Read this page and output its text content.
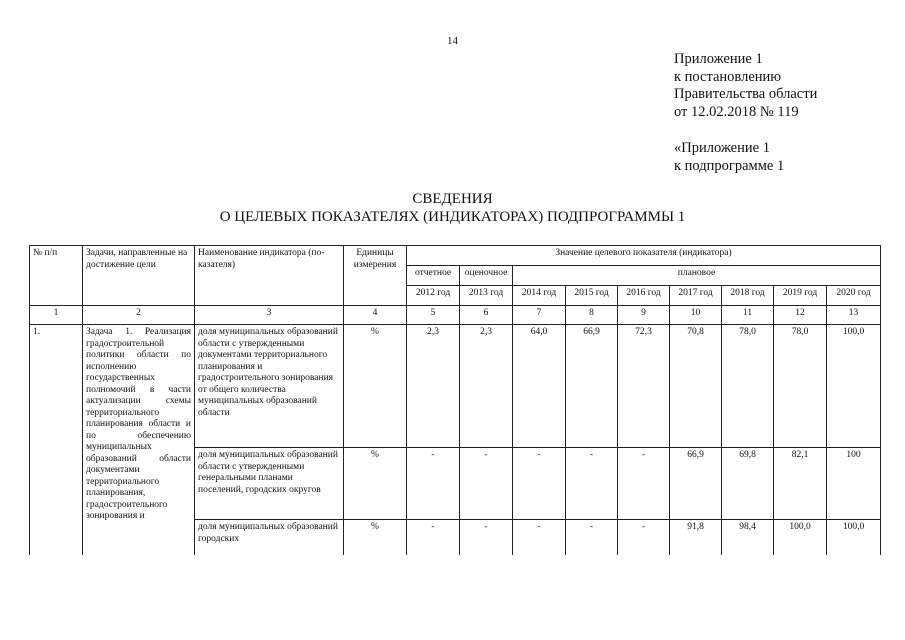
14
Приложение 1
к постановлению
Правительства области
от 12.02.2018 № 119
«Приложение 1
к подпрограмме 1
СВЕДЕНИЯ
О ЦЕЛЕВЫХ ПОКАЗАТЕЛЯХ (ИНДИКАТОРАХ) ПОДПРОГРАММЫ 1
№ п/п	Задачи, направленные на достижение цели	Наименование индикатора (по-казателя)	Единицы измерения	Значение целевого показателя (индикатора)								
				отчетное	оценочное	плановое						
				2012 год	2013 год	2014 год	2015 год	2016 год	2017 год	2018 год	2019 год	2020 год
1	2	3	4	5	6	7	8	9	10	11	12	13
1.	Задача 1. Реализация градостроительной политики области по исполнению государственных полномочий в части актуализации схемы территориального планирования области и по обеспечению муниципальных образований области документами территориального планирования, градостроительного зонирования и	доля муниципальных образований области с утвержденными документами территориального планирования и градостроительного зонирования от общего количества муниципальных образований области	%	2,3	2,3	64,0	66,9	72,3	70,8	78,0	78,0	100,0
		доля муниципальных образований области с утвержденными генеральными планами поселений, городских округов	%	-	-	-	-	-	66,9	69,8	82,1	100
		доля муниципальных образований городских	%	-	-	-	-	-	91,8	98,4	100,0	100,0
